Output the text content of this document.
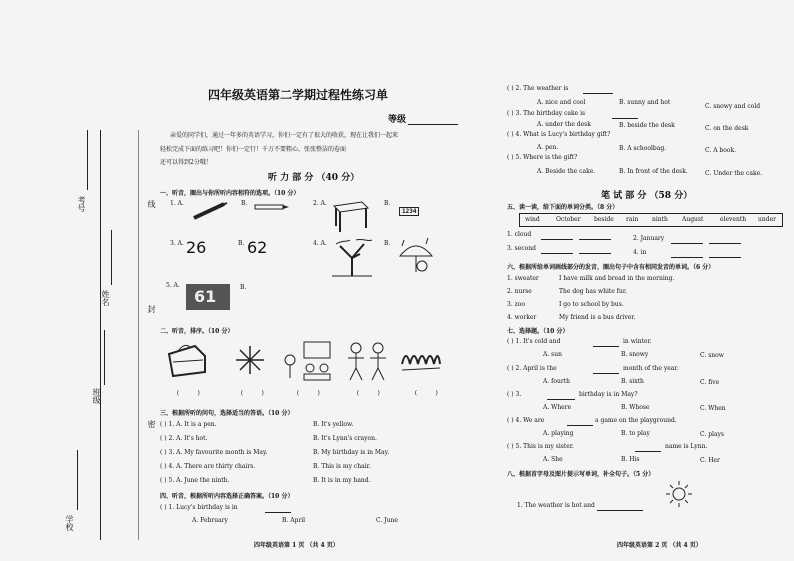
考号	线
姓名
封
班级
密
学校
四年级英语第二学期过程性练习单
等级
亲爱的同学们，通过一年多的英语学习，你们一定有了很大的收获，现在让我们一起来
轻松完成下面的练习吧！你们一定行！千万不要粗心，张张整洁的卷面
还可以得到2分哦！
听 力 部 分 （40 分）
一、听音，圈出与你所听内容相符的选项。（10 分）
1. A.	B.	2. A.	B.
1234
3. A. 26	B. 62	4. A.	B.
5. A.
61	B.
二、听音，排序。（10 分）
(	)	(	)	(	)	(	)	(	)
三、根据所听的问句，选择适当的答语。（10 分）
( ) 1. A. It is a pen.	B. It's yellow.
( ) 2. A. It's hot.	B. It's Lynn's crayon.
( ) 3. A. My favourite month is May.	B. My birthday is in May.
( ) 4. A. There are thirty chairs.	B. This is my chair.
( ) 5. A. June the ninth.	B. It is in my hand.
四、听音，根据所听内容选择正确答案。（10 分）
( ) 1. Lucy's birthday is in
A. February	B. April	C. June
四年级英语第 1 页 （共 4 页）
( ) 2. The weather is
A. nice and cool	B. sunny and hot
C. snowy and cold
( ) 3. The birthday cake is
A. under the desk	B. beside the desk	C. on the desk
( ) 4. What is Lucy's birthday gift?
A. pen.	B. A schoolbag.	C. A book.
( ) 5. Where is the gift?
A. Beside the cake.	B. In front of the desk.	C. Under the cake.
笔 试 部 分 （58 分）
五、读一读，给下面的单词分类。（8 分）
wind	October beside rain ninth August	eleventh under
1. cloud
2. January
3. second
4. in
六、根据所给单词画线部分的发音，圈出句子中含有相同发音的单词。（6 分）
1. sweater	I have milk and bread in the morning.
2. nurse	The dog has white fur.
3. zoo	I go to school by bus.
4. worker	My friend is a bus driver.
七、选择题。（10 分）
( ) 1. It's cold and	in winter.
A. sun	B. snowy	C. snow
( ) 2. April is the	month of the year.
A. fourth	B. sixth	C. five
( ) 3.	birthday is in May?
A. Where	B. Whose	C. When
( ) 4. We are	a game on the playground.
A. playing	B. to play	C. plays
( ) 5. This is my sister.	name is Lynn.
A. She	B. His	C. Her
八、根据首字母及图片提示写单词，补全句子。（5 分）
1. The weather is hot and
四年级英语第 2 页 （共 4 页）
